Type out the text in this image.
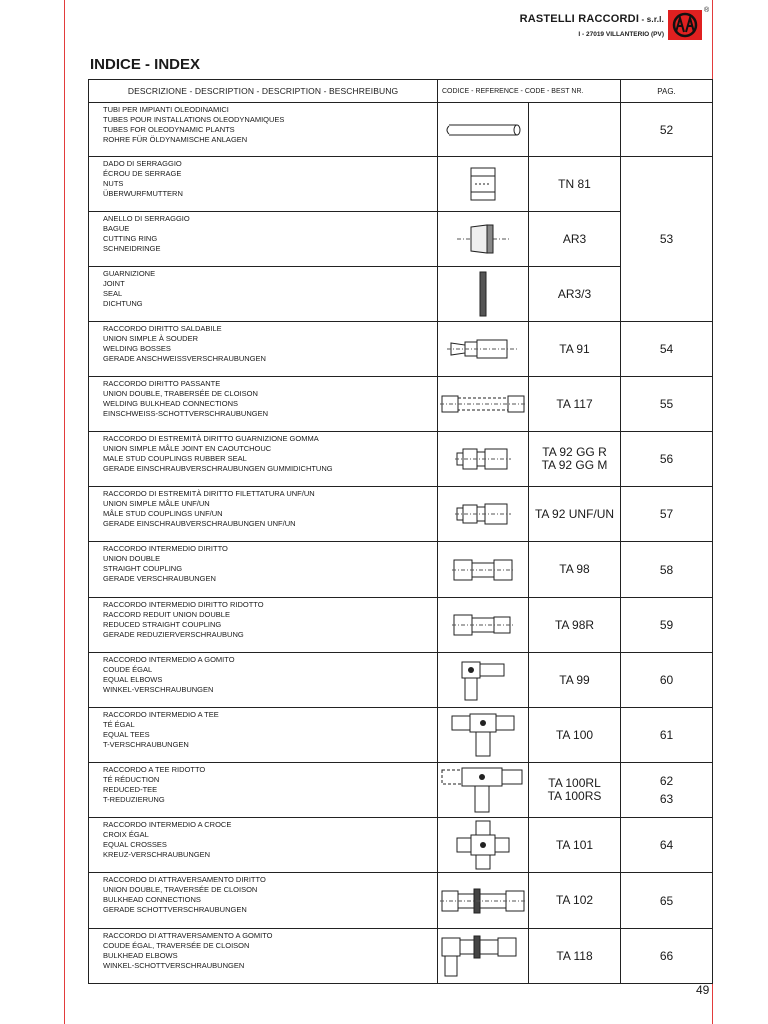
RASTELLI RACCORDI - s.r.l.
I - 27019 VILLANTERIO (PV)
®
INDICE - INDEX
DESCRIZIONE - DESCRIPTION - DESCRIPTION - BESCHREIBUNG	CODICE - REFERENCE - CODE - BEST NR.		PAG.

TUBI PER IMPIANTI OLEODINAMICI
TUBES POUR INSTALLATIONS OLEODYNAMIQUES
TUBES FOR OLEODYNAMIC PLANTS
ROHRE FÜR ÖLDYNAMISCHE ANLAGEN			52

DADO DI SERRAGGIO
ÉCROU DE SERRAGE
NUTS
ÜBERWURFMUTTERN		TN 81	53

ANELLO DI SERRAGGIO
BAGUE
CUTTING RING
SCHNEIDRINGE		AR3	

GUARNIZIONE
JOINT
SEAL
DICHTUNG		AR3/3	

RACCORDO DIRITTO SALDABILE
UNION SIMPLE À SOUDER
WELDING BOSSES
GERADE ANSCHWEISSVERSCHRAUBUNGEN		TA 91	54

RACCORDO DIRITTO PASSANTE
UNION DOUBLE, TRABERSÉE DE CLOISON
WELDING BULKHEAD CONNECTIONS
EINSCHWEISS-SCHOTTVERSCHRAUBUNGEN		TA 117	55

RACCORDO DI ESTREMITÀ DIRITTO GUARNIZIONE GOMMA
UNION SIMPLE MÂLE JOINT EN CAOUTCHOUC
MALE STUD COUPLINGS RUBBER SEAL
GERADE EINSCHRAUBVERSCHRAUBUNGEN GUMMIDICHTUNG		TA 92 GG R
TA 92 GG M	56

RACCORDO DI ESTREMITÀ DIRITTO FILETTATURA UNF/UN
UNION SIMPLE MÂLE UNF/UN
MÂLE STUD COUPLINGS UNF/UN
GERADE EINSCHRAUBVERSCHRAUBUNGEN UNF/UN		TA 92 UNF/UN	57

RACCORDO INTERMEDIO DIRITTO
UNION DOUBLE
STRAIGHT COUPLING
GERADE VERSCHRAUBUNGEN		TA 98	58

RACCORDO INTERMEDIO DIRITTO RIDOTTO
RACCORD REDUIT UNION DOUBLE
REDUCED STRAIGHT COUPLING
GERADE REDUZIERVERSCHRAUBUNG		TA 98R	59

RACCORDO INTERMEDIO A GOMITO
COUDE ÉGAL
EQUAL ELBOWS
WINKEL-VERSCHRAUBUNGEN		TA 99	60

RACCORDO INTERMEDIO A TEE
TÉ ÉGAL
EQUAL TEES
T-VERSCHRAUBUNGEN		TA 100	61

RACCORDO A TEE RIDOTTO
TÉ RÉDUCTION
REDUCED-TEE
T-REDUZIERUNG		TA 100RL
TA 100RS	62
63

RACCORDO INTERMEDIO A CROCE
CROIX ÉGAL
EQUAL CROSSES
KREUZ-VERSCHRAUBUNGEN		TA 101	64

RACCORDO DI ATTRAVERSAMENTO DIRITTO
UNION DOUBLE, TRAVERSÉE DE CLOISON
BULKHEAD CONNECTIONS
GERADE SCHOTTVERSCHRAUBUNGEN		TA 102	65

RACCORDO DI ATTRAVERSAMENTO A GOMITO
COUDE ÉGAL, TRAVERSÉE DE CLOISON
BULKHEAD ELBOWS
WINKEL-SCHOTTVERSCHRAUBUNGEN		TA 118	66
49
